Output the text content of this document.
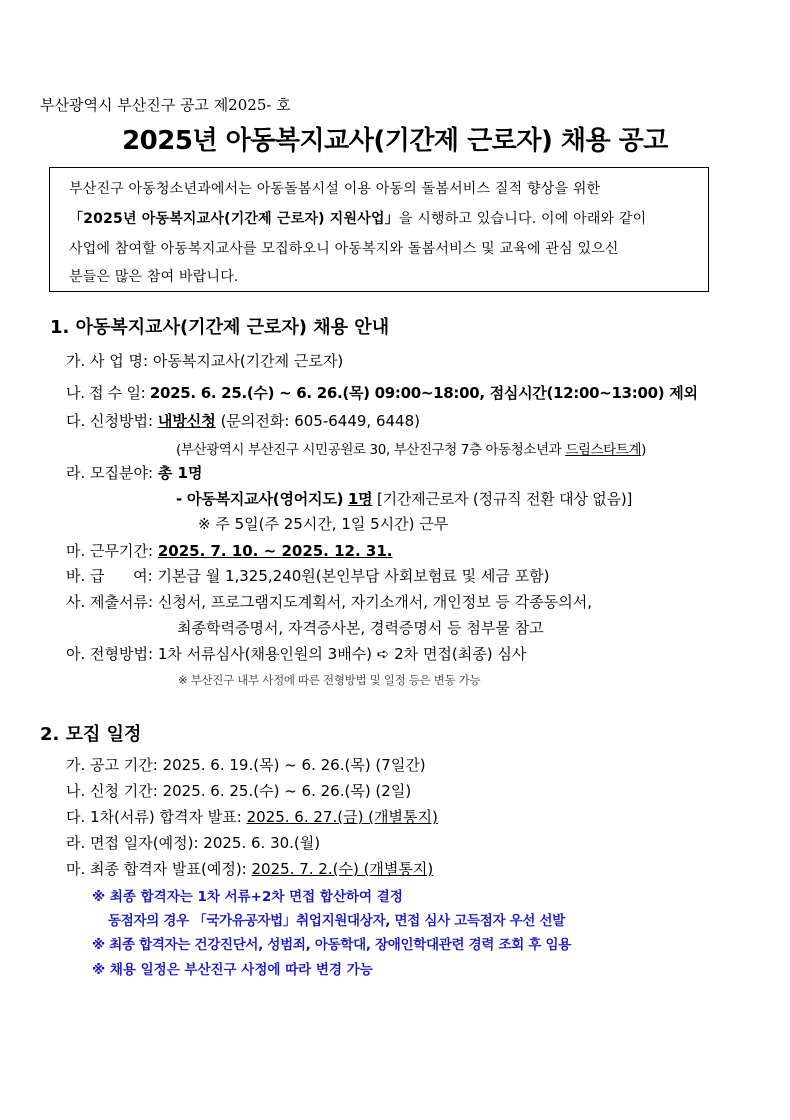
부산광역시 부산진구 공고 제2025- 호
2025년 아동복지교사(기간제 근로자) 채용 공고
부산진구 아동청소년과에서는 아동돌봄시설 이용 아동의 돌봄서비스 질적 향상을 위한
「2025년 아동복지교사(기간제 근로자) 지원사업」을 시행하고 있습니다. 이에 아래와 같이
사업에 참여할 아동복지교사를 모집하오니 아동복지와 돌봄서비스 및 교육에 관심 있으신
분들은 많은 참여 바랍니다.
1. 아동복지교사(기간제 근로자) 채용 안내
가. 사 업 명: 아동복지교사(기간제 근로자)
나. 접 수 일: 2025. 6. 25.(수) ~ 6. 26.(목) 09:00~18:00, 점심시간(12:00~13:00) 제외
다. 신청방법: 내방신청 (문의전화: 605-6449, 6448)
(부산광역시 부산진구 시민공원로 30, 부산진구청 7층 아동청소년과 드림스타트계)
라. 모집분야: 총 1명
- 아동복지교사(영어지도) 1명 [기간제근로자 (정규직 전환 대상 없음)]
※ 주 5일(주 25시간, 1일 5시간) 근무
마. 근무기간: 2025. 7. 10. ~ 2025. 12. 31.
바. 급      여: 기본급 월 1,325,240원(본인부담 사회보험료 및 세금 포함)
사. 제출서류: 신청서, 프로그램지도계획서, 자기소개서, 개인정보 등 각종동의서,
최종학력증명서, 자격증사본, 경력증명서 등 첨부물 참고
아. 전형방법: 1차 서류심사(채용인원의 3배수) ➪ 2차 면접(최종) 심사
※ 부산진구 내부 사정에 따른 전형방법 및 일정 등은 변동 가능
2. 모집 일정
가. 공고 기간: 2025. 6. 19.(목) ~ 6. 26.(목) (7일간)
나. 신청 기간: 2025. 6. 25.(수) ~ 6. 26.(목) (2일)
다. 1차(서류) 합격자 발표: 2025. 6. 27.(금) (개별통지)
라. 면접 일자(예정): 2025. 6. 30.(월)
마. 최종 합격자 발표(예정): 2025. 7. 2.(수) (개별통지)
※ 최종 합격자는 1차 서류+2차 면접 합산하여 결정
동점자의 경우 「국가유공자법」취업지원대상자, 면접 심사 고득점자 우선 선발
※ 최종 합격자는 건강진단서, 성범죄, 아동학대, 장애인학대관련 경력 조회 후 임용
※ 채용 일정은 부산진구 사정에 따라 변경 가능
